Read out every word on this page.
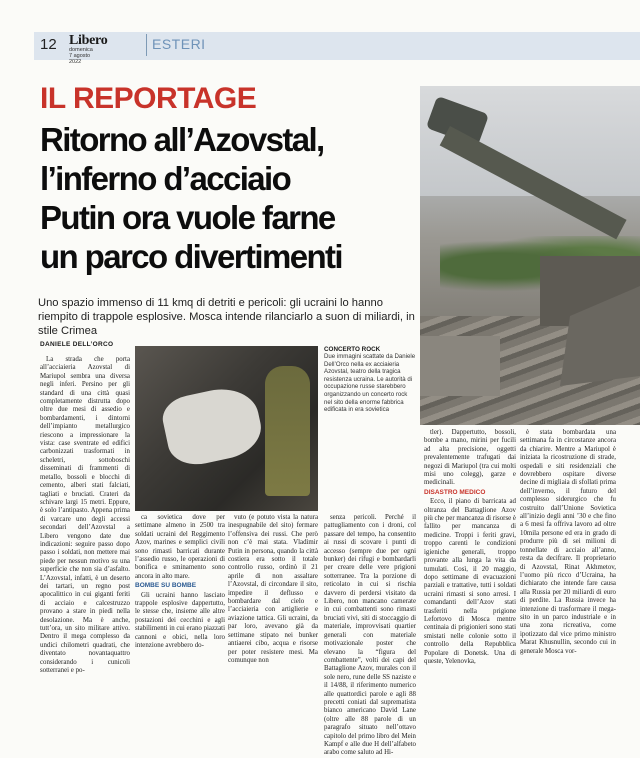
12 Libero
domenica
7 agosto
2022
ESTERI
IL REPORTAGE
Ritorno all’Azovstal,
l’inferno d’acciaio
Putin ora vuole farne
un parco divertimenti
Uno spazio immenso di 11 kmq di detriti e pericoli: gli ucraini lo hanno riempito di trappole esplosive. Mosca intende rilanciarlo a suon di miliardi, in stile Crimea
DANIELE DELL’ORCO

La strada che porta all’acciaieria Azovstal di Mariupol sembra una diversa negli inferi. Persino per gli standard di una città quasi completamente distrutta dopo oltre due mesi di assedio e bombardamenti, i dintorni dell’impianto metallurgico riescono a impressionare la vista: case sventrate ed edifici carbonizzati trasformati in scheletri, sottoboschi disseminati di frammenti di metallo, bossoli e blocchi di cemento, alberi stati falciati, tagliati e bruciati. Crateri da schivare largi 15 metri. Eppure, è solo l’antipasto. Appena prima di varcare uno degli accessi secondari dell’Azovstal a Libero vengono date due indicazioni: seguire passo dopo passo i soldati, non mettere mai piede per nessun motivo su una superficie che non sia d’asfalto. L’Azovstal, infatti, è un deserto dei tartari, un regno post apocalittico in cui giganti feriti di acciaio e calcestruzzo provano a stare in piedi nella desolazione. Ma è anche, tutt’ora, un sito militare attivo. Dentro il mega complesso da undici chilometri quadrati, che diventato novantaquattro considerando i cunicoli sotterranei e po-

CONCERTO ROCK
Due immagini scattate da Daniele Dell’Orco nella ex acciaieria Azovstal, teatro della tragica resistenza ucraina. Le autorità di occupazione russe starebbero organizzando un concerto rock nel sito della enorme fabbrica edificata in era sovietica

ca sovietica dove per settimane almeno in 2500 tra soldati ucraini del Reggimento Azov, marines e semplici civili sono rimasti barricati durante l’assedio russo, le operazioni di bonifica e sminamento sono ancora in alto mare.

BOMBE SU BOMBE

Gli ucraini hanno lasciato trappole esplosive dappertutto, le stesse che, insieme alle altre postazioni dei cecchini e agli stabilimenti in cui erano piazzati cannoni e obici, nella loro intenzione avrebbero do-

vuto (e potuto vista la natura inespugnabile del sito) fermare l’offensiva dei russi. Che però non c’è mai stata. Vladimir Putin in persona, quando la città costiera era sotto il totale controllo russo, ordinò il 21 aprile di non assaltare l’Azovstal, di circondare il sito, impedire il deflusso e bombardare dal cielo e l’acciaieria con artiglierie e aviazione tattica. Gli ucraini, da par loro, avevano già da settimane stipato nei bunker antiaerei cibo, acqua e risorse per poter resistere mesi. Ma comunque non

senza pericoli. Perché il pattugliamento con i droni, col passare del tempo, ha consentito ai russi di scovare i punti di accesso (sempre due per ogni bunker) dei rifugi e bombardarli per creare delle vere prigioni sotterranee. Tra la porzione di reticolato in cui si rischia davvero di perdersi visitato da Libero, non mancano camerate in cui combattenti sono rimasti bruciati vivi, siti di stoccaggio di materiale, improvvisati quartier generali con materiale motivazionale poster che elevano la “figura del combattente”, volti dei capi del Battaglione Azov, murales con il sole nero, rune delle SS naziste e il 14/88, il riferimento numerico alle quattordici parole e agli 88 precetti coniati dal suprematista bianco americano David Lane (oltre alle 88 parole di un paragrafo situato nell’ottavo capitolo del primo libro del Mein Kampf e alle due H dell’alfabeto arabo come saluto ad Hi-

tler). Dappertutto, bossoli, bombe a mano, mirini per fucili ad alta precisione, oggetti prevalentemente trafugati dai negozi di Mariupol (tra cui molti misi uno colegg), garze e medicinali.

DISASTRO MEDICO

Ecco, il piano di barricata ad oltranza del Battaglione Azov più che per mancanza di risorse è fallito per mancanza di medicine. Troppi i feriti gravi, troppo carenti le condizioni igieniche generali, troppo provante alla lunga la vita da tumulati. Così, il 20 maggio, dopo settimane di evacuazioni parziali e trattative, tutti i soldati ucraini rimasti si sono arresi. I comandanti dell’Azov stati trasferiti nella prigione Lefortovo di Mosca mentre centinaia di prigionieri sono stati smistati nelle colonie sotto il controllo della Repubblica Popolare di Donetsk. Una di queste, Yelenovka,

è stata bombardata una settimana fa in circostanze ancora da chiarire. Mentre a Mariupol è iniziata la ricostruzione di strade, ospedali e siti residenziali che dovrebbero ospitare diverse decine di migliaia di sfollati prima dell’inverno, il futuro del complesso siderurgico che fu costruito dall’Unione Sovietica all’inizio degli anni ’30 e che fino a 6 mesi fa offriva lavoro ad oltre 10mila persone ed era in grado di produrre più di sei milioni di tonnellate di acciaio all’anno, resta da decifrare. Il proprietario di Azovstal, Rinat Akhmetov, l’uomo più ricco d’Ucraina, ha dichiarato che intende fare causa alla Russia per 20 miliardi di euro di perdite. La Russia invece ha intenzione di trasformare il mega-sito in un parco industriale e in una zona ricreativa, come ipotizzato dal vice primo ministro Marat Khusnullin, secondo cui in generale Mosca vor-
